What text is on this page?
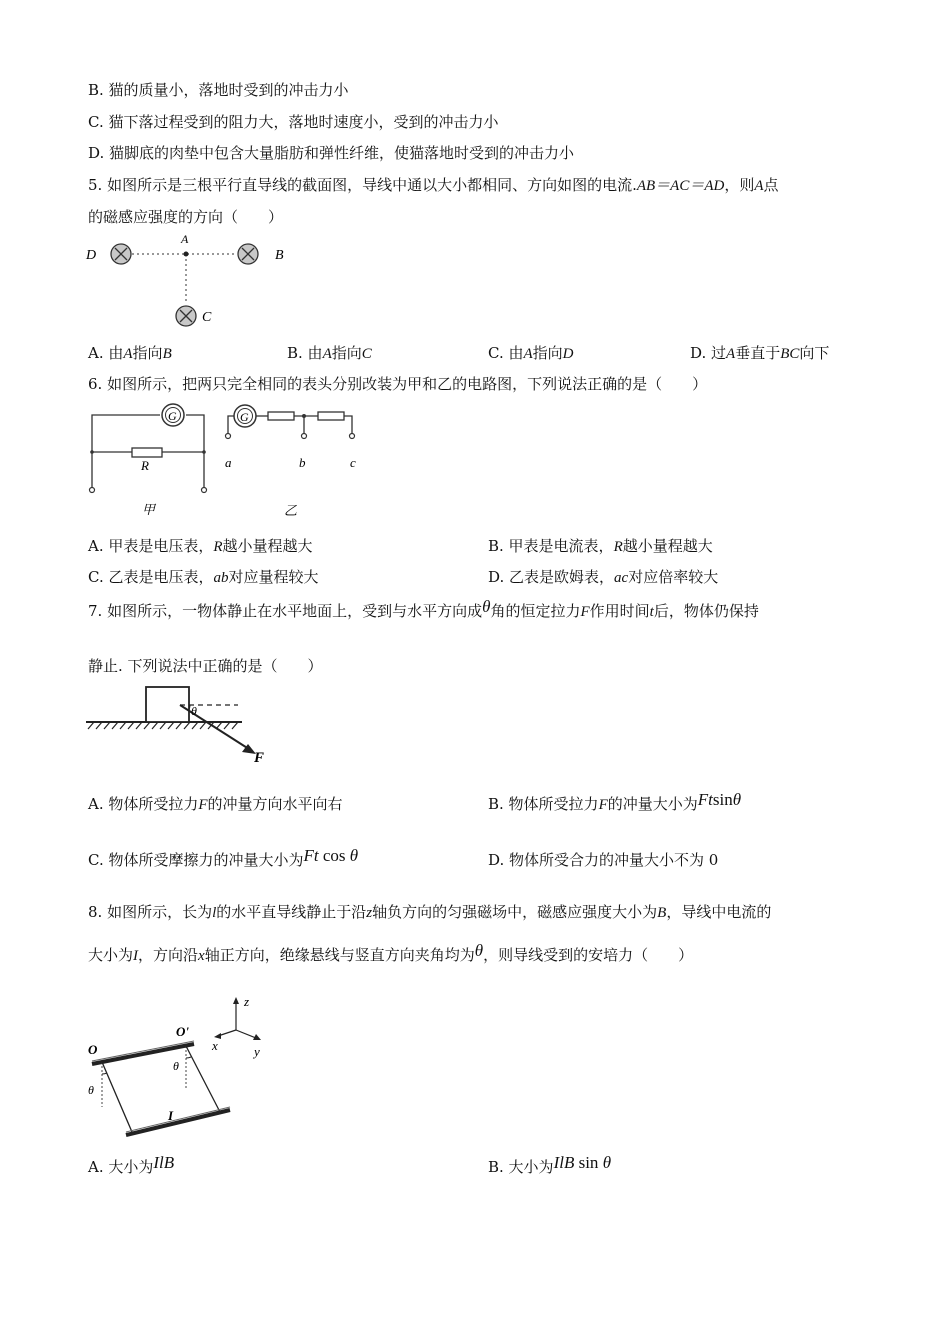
B. 猫的质量小，落地时受到的冲击力小
C. 猫下落过程受到的阻力大，落地时速度小，受到的冲击力小
D. 猫脚底的肉垫中包含大量脂肪和弹性纤维，使猫落地时受到的冲击力小
5. 如图所示是三根平行直导线的截面图，导线中通以大小都相同、方向如图的电流.AB＝AC＝AD，则A点
的磁感应强度的方向（　　）
D
A
B
C
A. 由A指向B	B. 由A指向C	C. 由A指向D	D. 过A垂直于BC向下
6. 如图所示，把两只完全相同的表头分别改装为甲和乙的电路图，下列说法正确的是（　　）
G
R
甲
G
a	b	c
乙
A. 甲表是电压表，R越小量程越大	B. 甲表是电流表，R越小量程越大
C. 乙表是电压表，ab对应量程较大	D. 乙表是欧姆表，ac对应倍率较大
7. 如图所示，一物体静止在水平地面上，受到与水平方向成θ角的恒定拉力F作用时间t后，物体仍保持
静止. 下列说法中正确的是（　　）
θ
F
A. 物体所受拉力F的冲量方向水平向右	B. 物体所受拉力F的冲量大小为Ftsinθ
C. 物体所受摩擦力的冲量大小为Ft cos θ	D. 物体所受合力的冲量大小不为 0
8. 如图所示，长为l的水平直导线静止于沿z轴负方向的匀强磁场中，磁感应强度大小为B，导线中电流的
大小为I，方向沿x轴正方向，绝缘悬线与竖直方向夹角均为θ，则导线受到的安培力（　　）
O
O'
θ
θ
I
x	y
z
A. 大小为IlB	B. 大小为IlB sin θ
